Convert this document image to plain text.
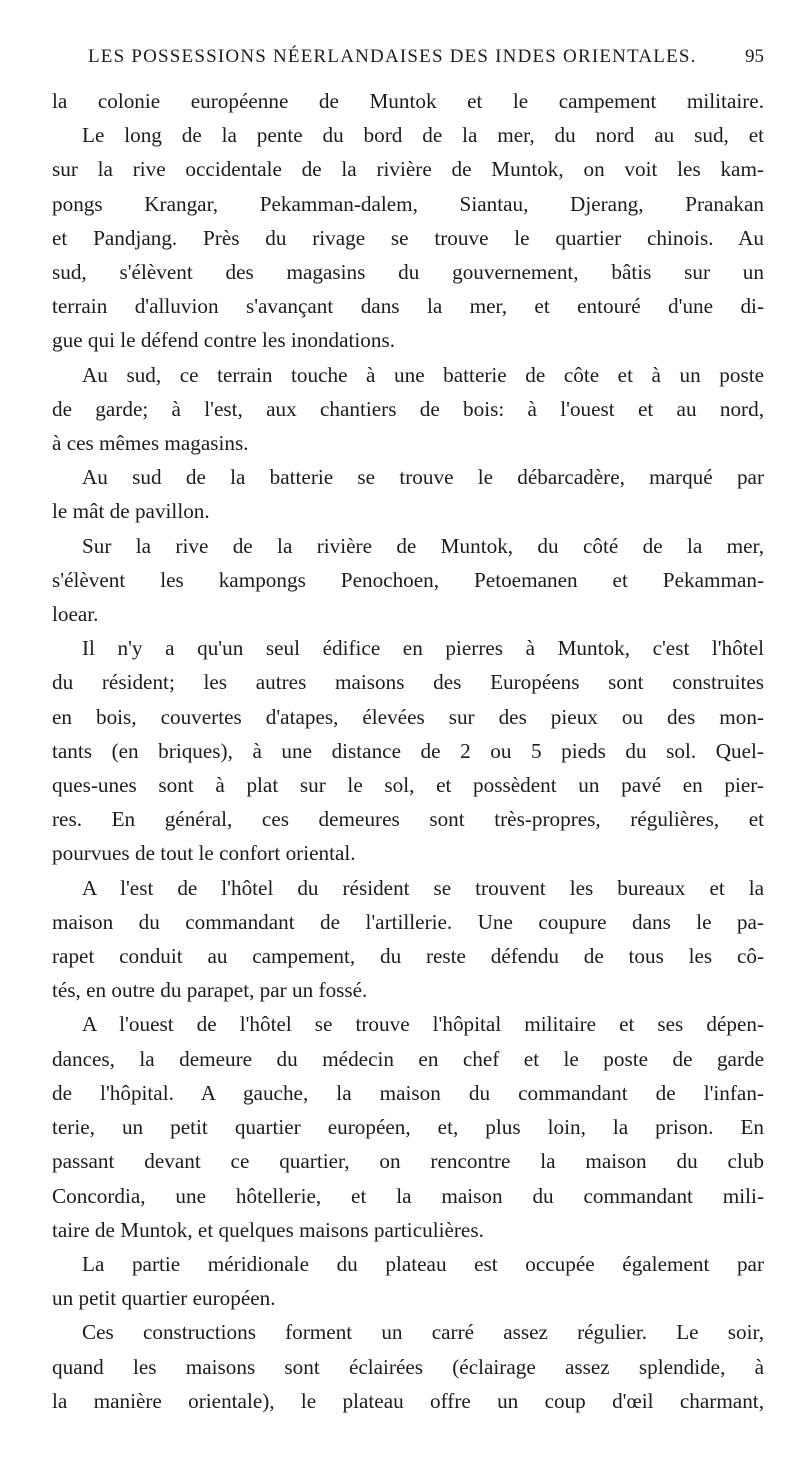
LES POSSESSIONS NÉERLANDAISES DES INDES ORIENTALES.	95

la colonie européenne de Muntok et le campement militaire.

Le long de la pente du bord de la mer, du nord au sud, et
sur la rive occidentale de la rivière de Muntok, on voit les kam-
pongs Krangar, Pekamman-dalem, Siantau, Djerang, Pranakan
et Pandjang. Près du rivage se trouve le quartier chinois. Au
sud, s'élèvent des magasins du gouvernement, bâtis sur un
terrain d'alluvion s'avançant dans la mer, et entouré d'une di-
gue qui le défend contre les inondations.

Au sud, ce terrain touche à une batterie de côte et à un poste
de garde; à l'est, aux chantiers de bois: à l'ouest et au nord,
à ces mêmes magasins.

Au sud de la batterie se trouve le débarcadère, marqué par
le mât de pavillon.

Sur la rive de la rivière de Muntok, du côté de la mer,
s'élèvent les kampongs Penochoen, Petoemanen et Pekamman-
loear.

Il n'y a qu'un seul édifice en pierres à Muntok, c'est l'hôtel
du résident; les autres maisons des Européens sont construites
en bois, couvertes d'atapes, élevées sur des pieux ou des mon-
tants (en briques), à une distance de 2 ou 5 pieds du sol. Quel-
ques-unes sont à plat sur le sol, et possèdent un pavé en pier-
res. En général, ces demeures sont très-propres, régulières, et
pourvues de tout le confort oriental.

A l'est de l'hôtel du résident se trouvent les bureaux et la
maison du commandant de l'artillerie. Une coupure dans le pa-
rapet conduit au campement, du reste défendu de tous les cô-
tés, en outre du parapet, par un fossé.

A l'ouest de l'hôtel se trouve l'hôpital militaire et ses dépen-
dances, la demeure du médecin en chef et le poste de garde
de l'hôpital. A gauche, la maison du commandant de l'infan-
terie, un petit quartier européen, et, plus loin, la prison. En
passant devant ce quartier, on rencontre la maison du club
Concordia, une hôtellerie, et la maison du commandant mili-
taire de Muntok, et quelques maisons particulières.

La partie méridionale du plateau est occupée également par
un petit quartier européen.

Ces constructions forment un carré assez régulier. Le soir,
quand les maisons sont éclairées (éclairage assez splendide, à
la manière orientale), le plateau offre un coup d'œil charmant,
